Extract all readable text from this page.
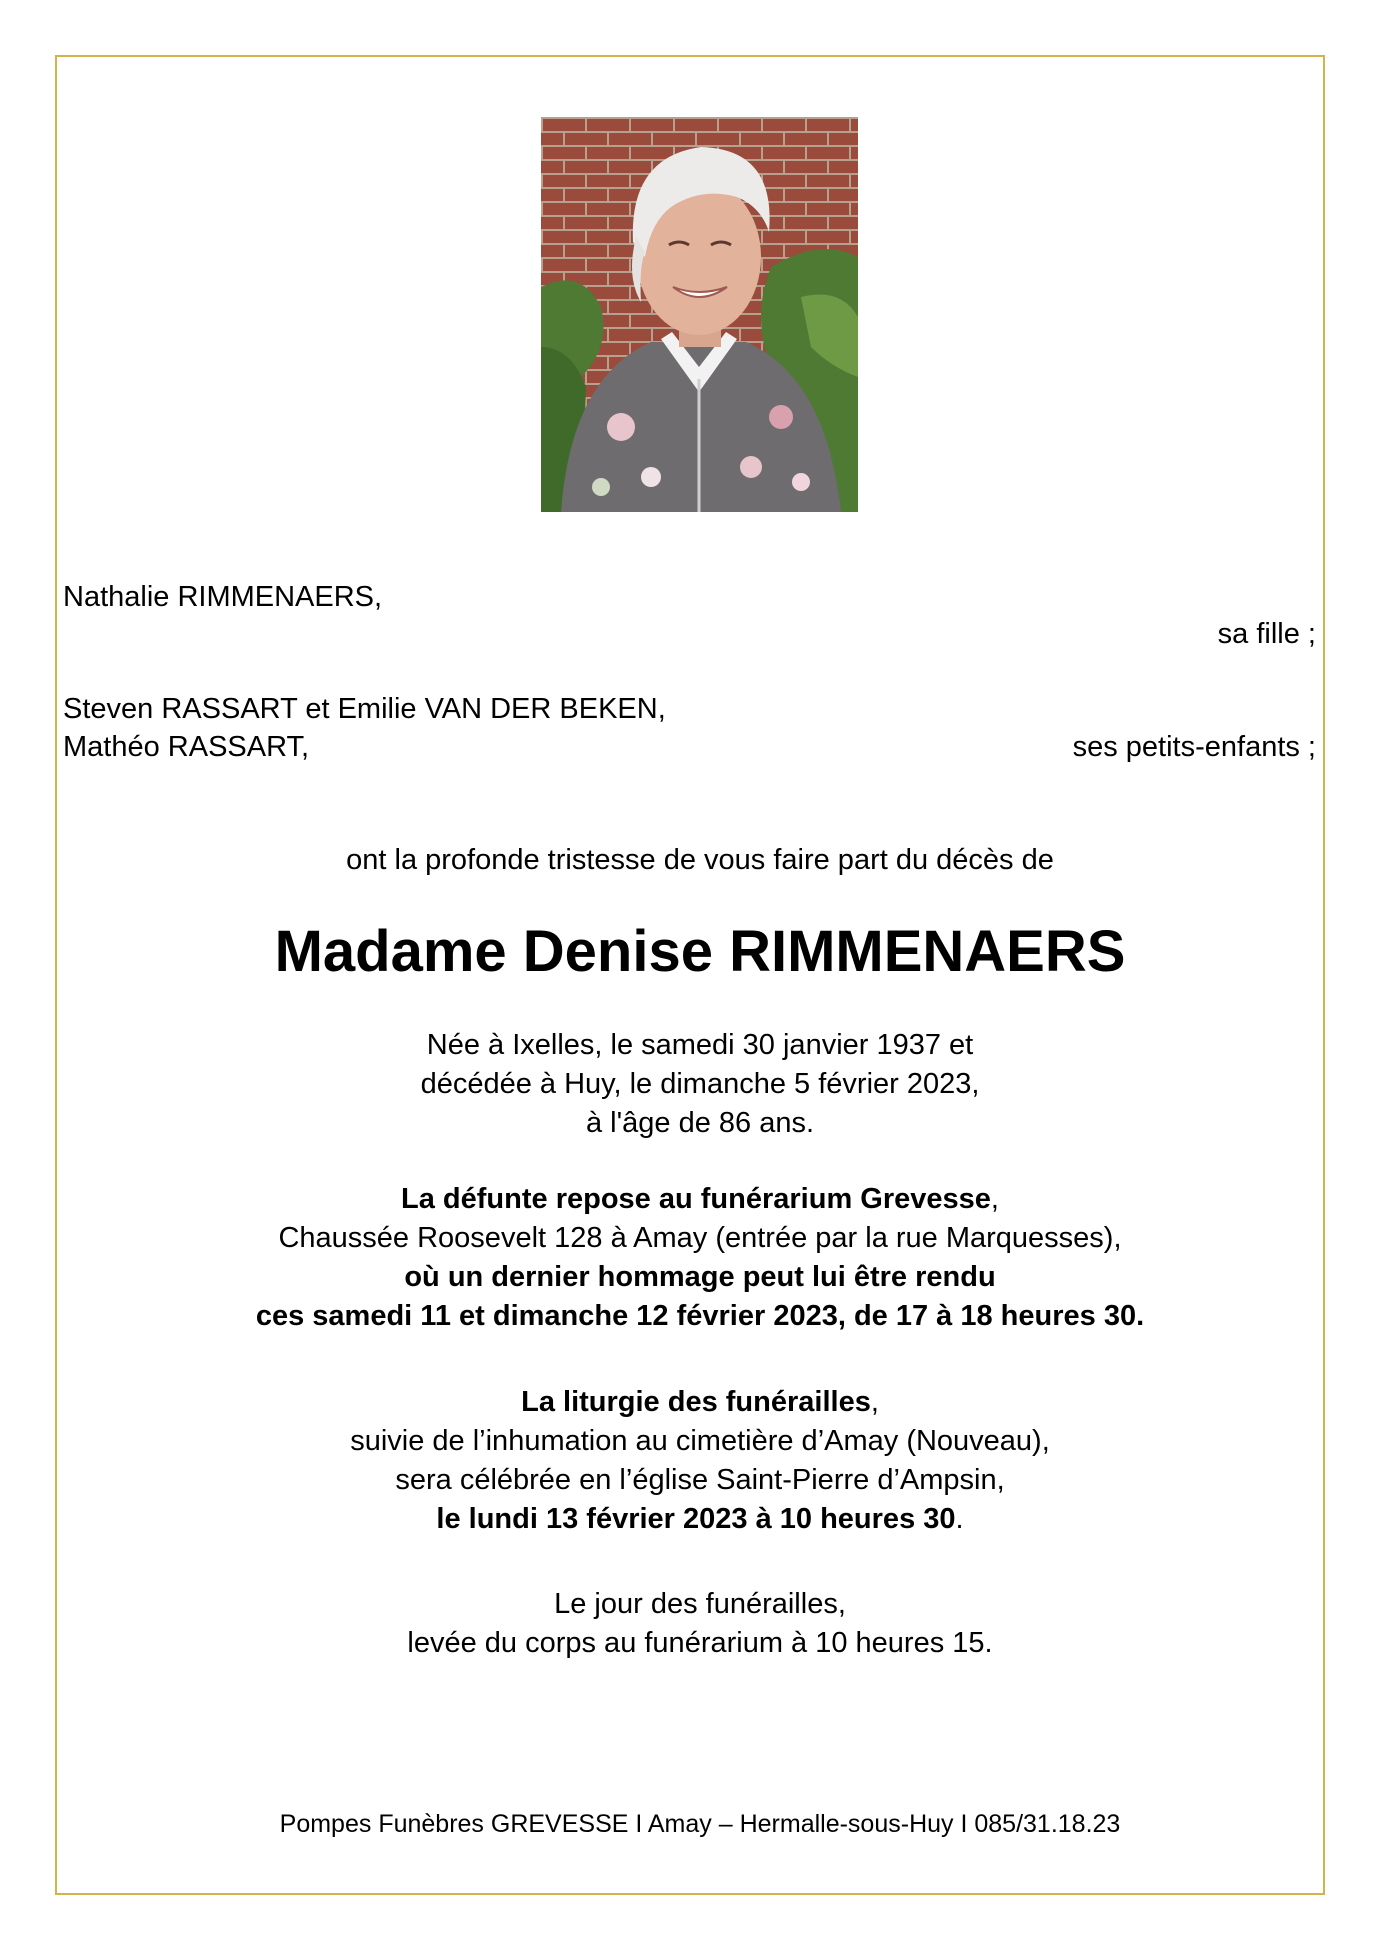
Nathalie RIMMENAERS,
sa fille ;
Steven RASSART et Emilie VAN DER BEKEN,
Mathéo RASSART,	ses petits-enfants ;
ont la profonde tristesse de vous faire part du décès de
Madame Denise RIMMENAERS
Née à Ixelles, le samedi 30 janvier 1937 et
décédée à Huy, le dimanche 5 février 2023,
à l'âge de 86 ans.
La défunte repose au funérarium Grevesse,
Chaussée Roosevelt 128 à Amay (entrée par la rue Marquesses),
où un dernier hommage peut lui être rendu
ces samedi 11 et dimanche 12 février 2023, de 17 à 18 heures 30.
La liturgie des funérailles,
suivie de l’inhumation au cimetière d’Amay (Nouveau),
sera célébrée en l’église Saint-Pierre d’Ampsin,
le lundi 13 février 2023 à 10 heures 30.
Le jour des funérailles,
levée du corps au funérarium à 10 heures 15.
Pompes Funèbres GREVESSE I Amay – Hermalle-sous-Huy I 085/31.18.23
